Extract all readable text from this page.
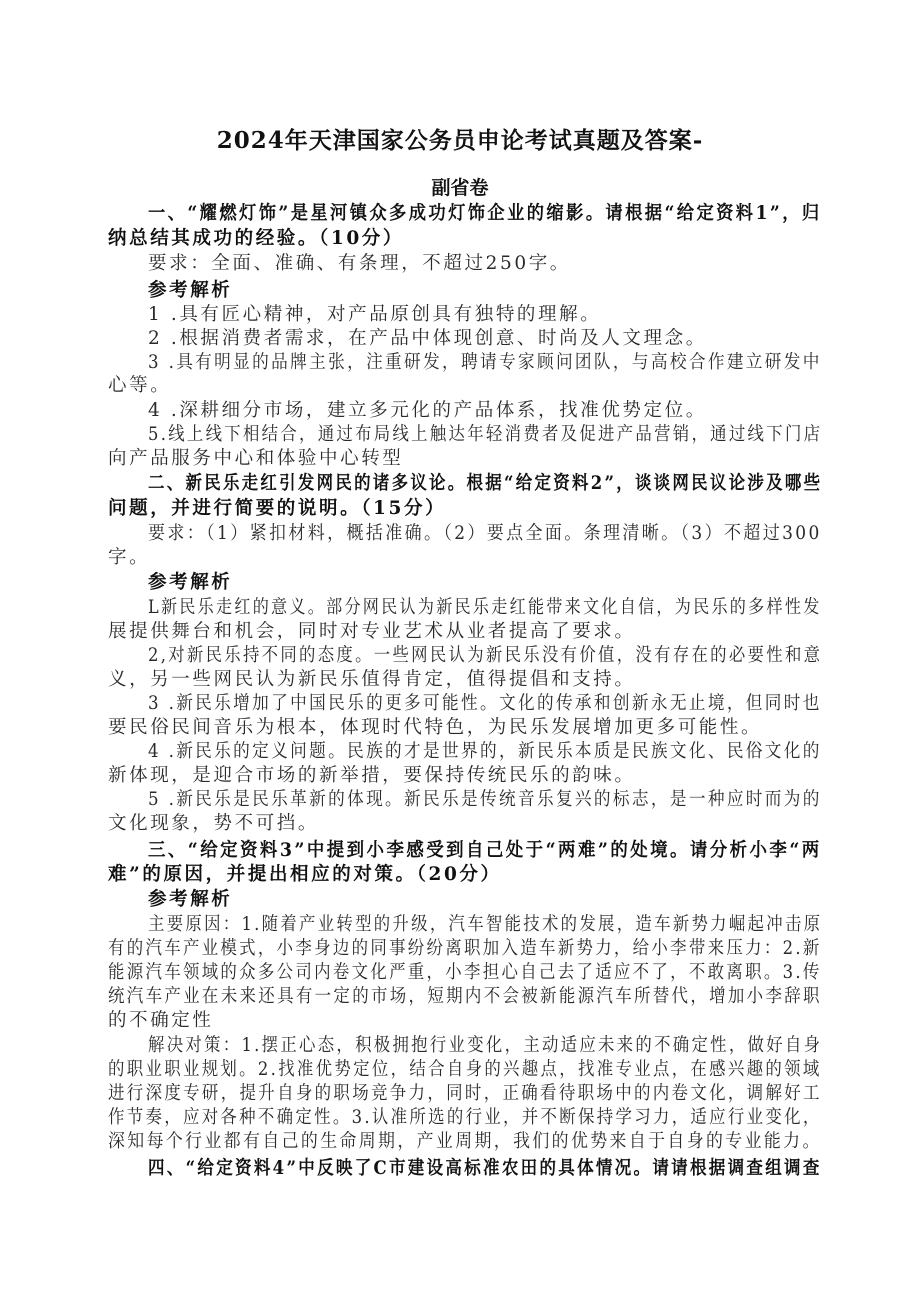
2024年天津国家公务员申论考试真题及答案-
副省卷
一、“耀燃灯饰”是星河镇众多成功灯饰企业的缩影。请根据“给定资料1”，归
纳总结其成功的经验。（10分）
要求：全面、准确、有条理，不超过250字。
参考解析
1 .具有匠心精神，对产品原创具有独特的理解。
2 .根据消费者需求，在产品中体现创意、时尚及人文理念。
3 .具有明显的品牌主张，注重研发，聘请专家顾问团队，与高校合作建立研发中
心等。
4 .深耕细分市场，建立多元化的产品体系，找准优势定位。
5.线上线下相结合，通过布局线上触达年轻消费者及促进产品营销，通过线下门店
向产品服务中心和体验中心转型
二、新民乐走红引发网民的诸多议论。根据“给定资料2”，谈谈网民议论涉及哪些
问题，并进行简要的说明。（15分）
要求：（1）紧扣材料，概括准确。（2）要点全面。条理清晰。（3）不超过300
字。
参考解析
L新民乐走红的意义。部分网民认为新民乐走红能带来文化自信，为民乐的多样性发
展提供舞台和机会，同时对专业艺术从业者提高了要求。
2,对新民乐持不同的态度。一些网民认为新民乐没有价值，没有存在的必要性和意
义，另一些网民认为新民乐值得肯定，值得提倡和支持。
3 .新民乐增加了中国民乐的更多可能性。文化的传承和创新永无止境，但同时也
要民俗民间音乐为根本，体现时代特色，为民乐发展增加更多可能性。
4 .新民乐的定义问题。民族的才是世界的，新民乐本质是民族文化、民俗文化的
新体现，是迎合市场的新举措，要保持传统民乐的韵味。
5 .新民乐是民乐革新的体现。新民乐是传统音乐复兴的标志，是一种应时而为的
文化现象，势不可挡。
三、“给定资料3”中提到小李感受到自己处于“两难”的处境。请分析小李“两
难”的原因，并提出相应的对策。（20分）
参考解析
主要原因：1.随着产业转型的升级，汽车智能技术的发展，造车新势力崛起冲击原
有的汽车产业模式，小李身边的同事纷纷离职加入造车新势力，给小李带来压力：2.新
能源汽车领域的众多公司内卷文化严重，小李担心自己去了适应不了，不敢离职。3.传
统汽车产业在未来还具有一定的市场，短期内不会被新能源汽车所替代，增加小李辞职
的不确定性
解决对策：1.摆正心态，积极拥抱行业变化，主动适应未来的不确定性，做好自身
的职业职业规划。2.找准优势定位，结合自身的兴趣点，找准专业点，在感兴趣的领域
进行深度专研，提升自身的职场竞争力，同时，正确看待职场中的内卷文化，调解好工
作节奏，应对各种不确定性。3.认准所选的行业，并不断保持学习力，适应行业变化，
深知每个行业都有自己的生命周期，产业周期，我们的优势来自于自身的专业能力。
四、“给定资料4”中反映了C市建设高标准农田的具体情况。请请根据调查组调查
